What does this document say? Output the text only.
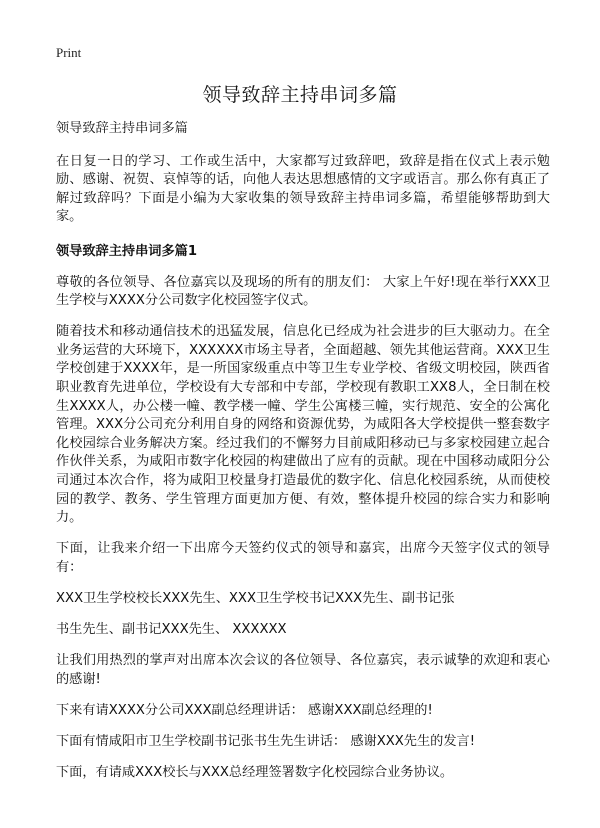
Print
领导致辞主持串词多篇

领导致辞主持串词多篇

在日复一日的学习、工作或生活中，大家都写过致辞吧，致辞是指在仪式上表示勉励、感谢、祝贺、哀悼等的话，向他人表达思想感情的文字或语言。那么你有真正了解过致辞吗？下面是小编为大家收集的领导致辞主持串词多篇，希望能够帮助到大家。

领导致辞主持串词多篇1

尊敬的各位领导、各位嘉宾以及现场的所有的朋友们： 大家上午好!现在举行XXX卫生学校与XXXX分公司数字化校园签字仪式。

随着技术和移动通信技术的迅猛发展，信息化已经成为社会进步的巨大驱动力。在全业务运营的大环境下，XXXXXX市场主导者，全面超越、领先其他运营商。XXX卫生学校创建于XXXX年，是一所国家级重点中等卫生专业学校、省级文明校园，陕西省职业教育先进单位，学校设有大专部和中专部，学校现有教职工XX8人，全日制在校生XXXX人，办公楼一幢、教学楼一幢、学生公寓楼三幢，实行规范、安全的公寓化管理。XXX分公司充分利用自身的网络和资源优势，为咸阳各大学校提供一整套数字化校园综合业务解决方案。经过我们的不懈努力目前咸阳移动已与多家校园建立起合作伙伴关系，为咸阳市数字化校园的构建做出了应有的贡献。现在中国移动咸阳分公司通过本次合作，将为咸阳卫校量身打造最优的数字化、信息化校园系统，从而使校园的教学、教务、学生管理方面更加方便、有效，整体提升校园的综合实力和影响力。

下面，让我来介绍一下出席今天签约仪式的领导和嘉宾，出席今天签字仪式的领导有：

XXX卫生学校校长XXX先生、XXX卫生学校书记XXX先生、副书记张

书生先生、副书记XXX先生、 XXXXXX

让我们用热烈的掌声对出席本次会议的各位领导、各位嘉宾，表示诚挚的欢迎和衷心的感谢!

下来有请XXXX分公司XXX副总经理讲话： 感谢XXX副总经理的!

下面有情咸阳市卫生学校副书记张书生先生讲话： 感谢XXX先生的发言!

下面，有请咸XXX校长与XXX总经理签署数字化校园综合业务协议。
